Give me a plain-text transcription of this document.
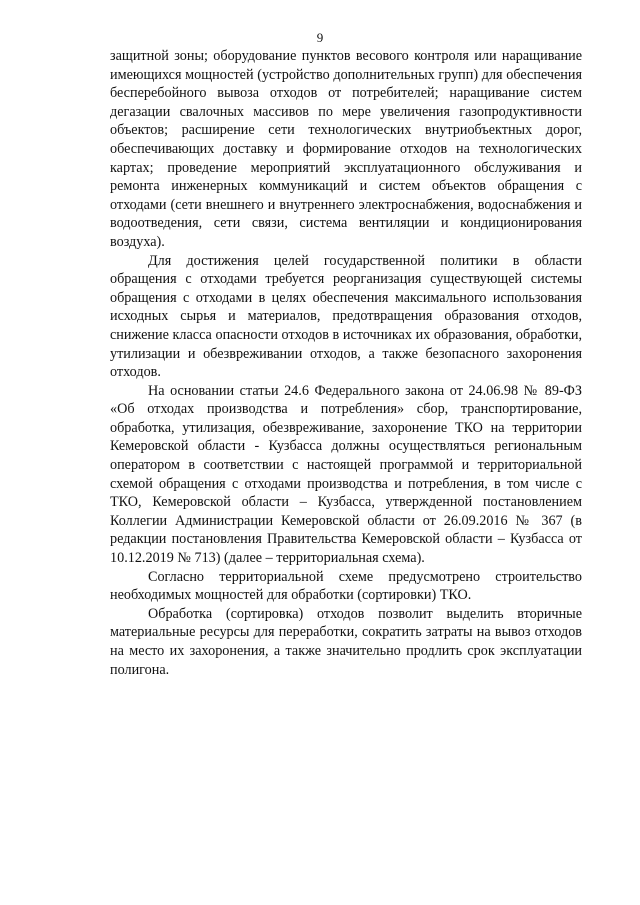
9

защитной зоны; оборудование пунктов весового контроля или наращивание имеющихся мощностей (устройство дополнительных групп) для обеспечения бесперебойного вывоза отходов от потребителей; наращивание систем дегазации свалочных массивов по мере увеличения газопродуктивности объектов; расширение сети технологических внутриобъектных дорог, обеспечивающих доставку и формирование отходов на технологических картах; проведение мероприятий эксплуатационного обслуживания и ремонта инженерных коммуникаций и систем объектов обращения с отходами (сети внешнего и внутреннего электроснабжения, водоснабжения и водоотведения, сети связи, система вентиляции и кондиционирования воздуха).

Для достижения целей государственной политики в области обращения с отходами требуется реорганизация существующей системы обращения с отходами в целях обеспечения максимального использования исходных сырья и материалов, предотвращения образования отходов, снижение класса опасности отходов в источниках их образования, обработки, утилизации и обезвреживании отходов, а также безопасного захоронения отходов.

На основании статьи 24.6 Федерального закона от 24.06.98 № 89-ФЗ «Об отходах производства и потребления» сбор, транспортирование, обработка, утилизация, обезвреживание, захоронение ТКО на территории Кемеровской области - Кузбасса должны осуществляться региональным оператором в соответствии с настоящей программой и территориальной схемой обращения с отходами производства и потребления, в том числе с ТКО, Кемеровской области – Кузбасса, утвержденной постановлением Коллегии Администрации Кемеровской области от 26.09.2016 № 367 (в редакции постановления Правительства Кемеровской области – Кузбасса от 10.12.2019 № 713) (далее – территориальная схема).

Согласно территориальной схеме предусмотрено строительство необходимых мощностей для обработки (сортировки) ТКО.

Обработка (сортировка) отходов позволит выделить вторичные материальные ресурсы для переработки, сократить затраты на вывоз отходов на место их захоронения, а также значительно продлить срок эксплуатации полигона.
